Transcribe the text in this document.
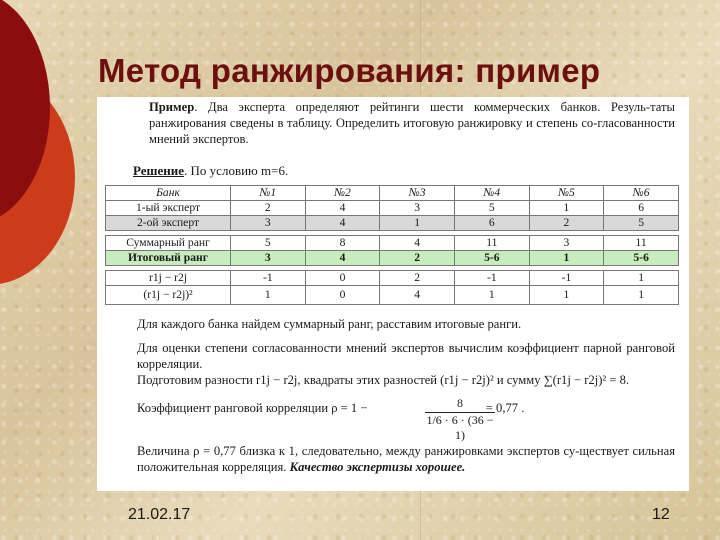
Метод ранжирования: пример
Пример. Два эксперта определяют рейтинги шести коммерческих банков. Резуль-таты ранжирования сведены в таблицу. Определить итоговую ранжировку и степень со-гласованности мнений экспертов.
Решение. По условию m=6.
Банк	№1	№2	№3	№4	№5	№6
1-ый эксперт	2	4	3	5	1	6
2-ой эксперт	3	4	1	6	2	5

Суммарный ранг	5	8	4	11	3	11
Итоговый ранг	3	4	2	5-6	1	5-6

r1j − r2j	-1	0	2	-1	-1	1
(r1j − r2j)²	1	0	4	1	1	1
Для каждого банка найдем суммарный ранг, расставим итоговые ранги.
Для оценки степени согласованности мнений экспертов вычислим коэффициент парной ранговой корреляции.
Подготовим разности r1j − r2j, квадраты этих разностей (r1j − r2j)² и сумму ∑(r1j − r2j)² = 8.
Коэффициент ранговой корреляции ρ = 1 −	= 0,77 .
$\frac{8}{1/6 \cdot 6 \cdot (36 - 1)}$
Величина ρ = 0,77 близка к 1, следовательно, между ранжировками экспертов су-ществует сильная положительная корреляция. Качество экспертизы хорошее.
21.02.17	12
